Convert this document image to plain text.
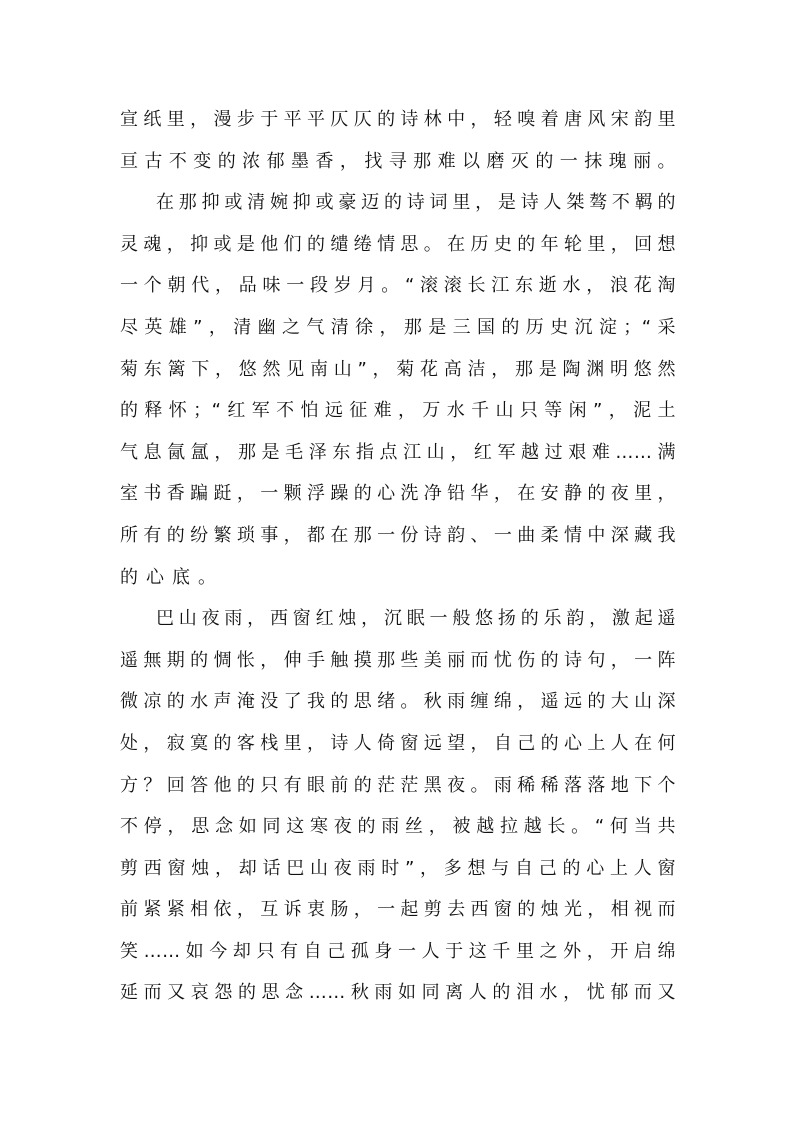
宣纸里，漫步于平平仄仄的诗林中，轻嗅着唐风宋韵里
亘古不变的浓郁墨香，找寻那难以磨灭的一抹瑰丽。
在那抑或清婉抑或豪迈的诗词里，是诗人桀骜不羁的
灵魂，抑或是他们的缱绻情思。在历史的年轮里，回想
一个朝代，品味一段岁月。“滚滚长江东逝水，浪花淘
尽英雄”，清幽之气清徐，那是三国的历史沉淀；“采
菊东篱下，悠然见南山”，菊花高洁，那是陶渊明悠然
的释怀；“红军不怕远征难，万水千山只等闲”，泥土
气息氤氲，那是毛泽东指点江山，红军越过艰难……满
室书香蹁跹，一颗浮躁的心洗净铅华，在安静的夜里，
所有的纷繁琐事，都在那一份诗韵、一曲柔情中深藏我
的心底。
巴山夜雨，西窗红烛，沉眠一般悠扬的乐韵，激起遥
遥無期的惆怅，伸手触摸那些美丽而忧伤的诗句，一阵
微凉的水声淹没了我的思绪。秋雨缠绵，遥远的大山深
处，寂寞的客栈里，诗人倚窗远望，自己的心上人在何
方？回答他的只有眼前的茫茫黑夜。雨稀稀落落地下个
不停，思念如同这寒夜的雨丝，被越拉越长。“何当共
剪西窗烛，却话巴山夜雨时”，多想与自己的心上人窗
前紧紧相依，互诉衷肠，一起剪去西窗的烛光，相视而
笑……如今却只有自己孤身一人于这千里之外，开启绵
延而又哀怨的思念……秋雨如同离人的泪水，忧郁而又
